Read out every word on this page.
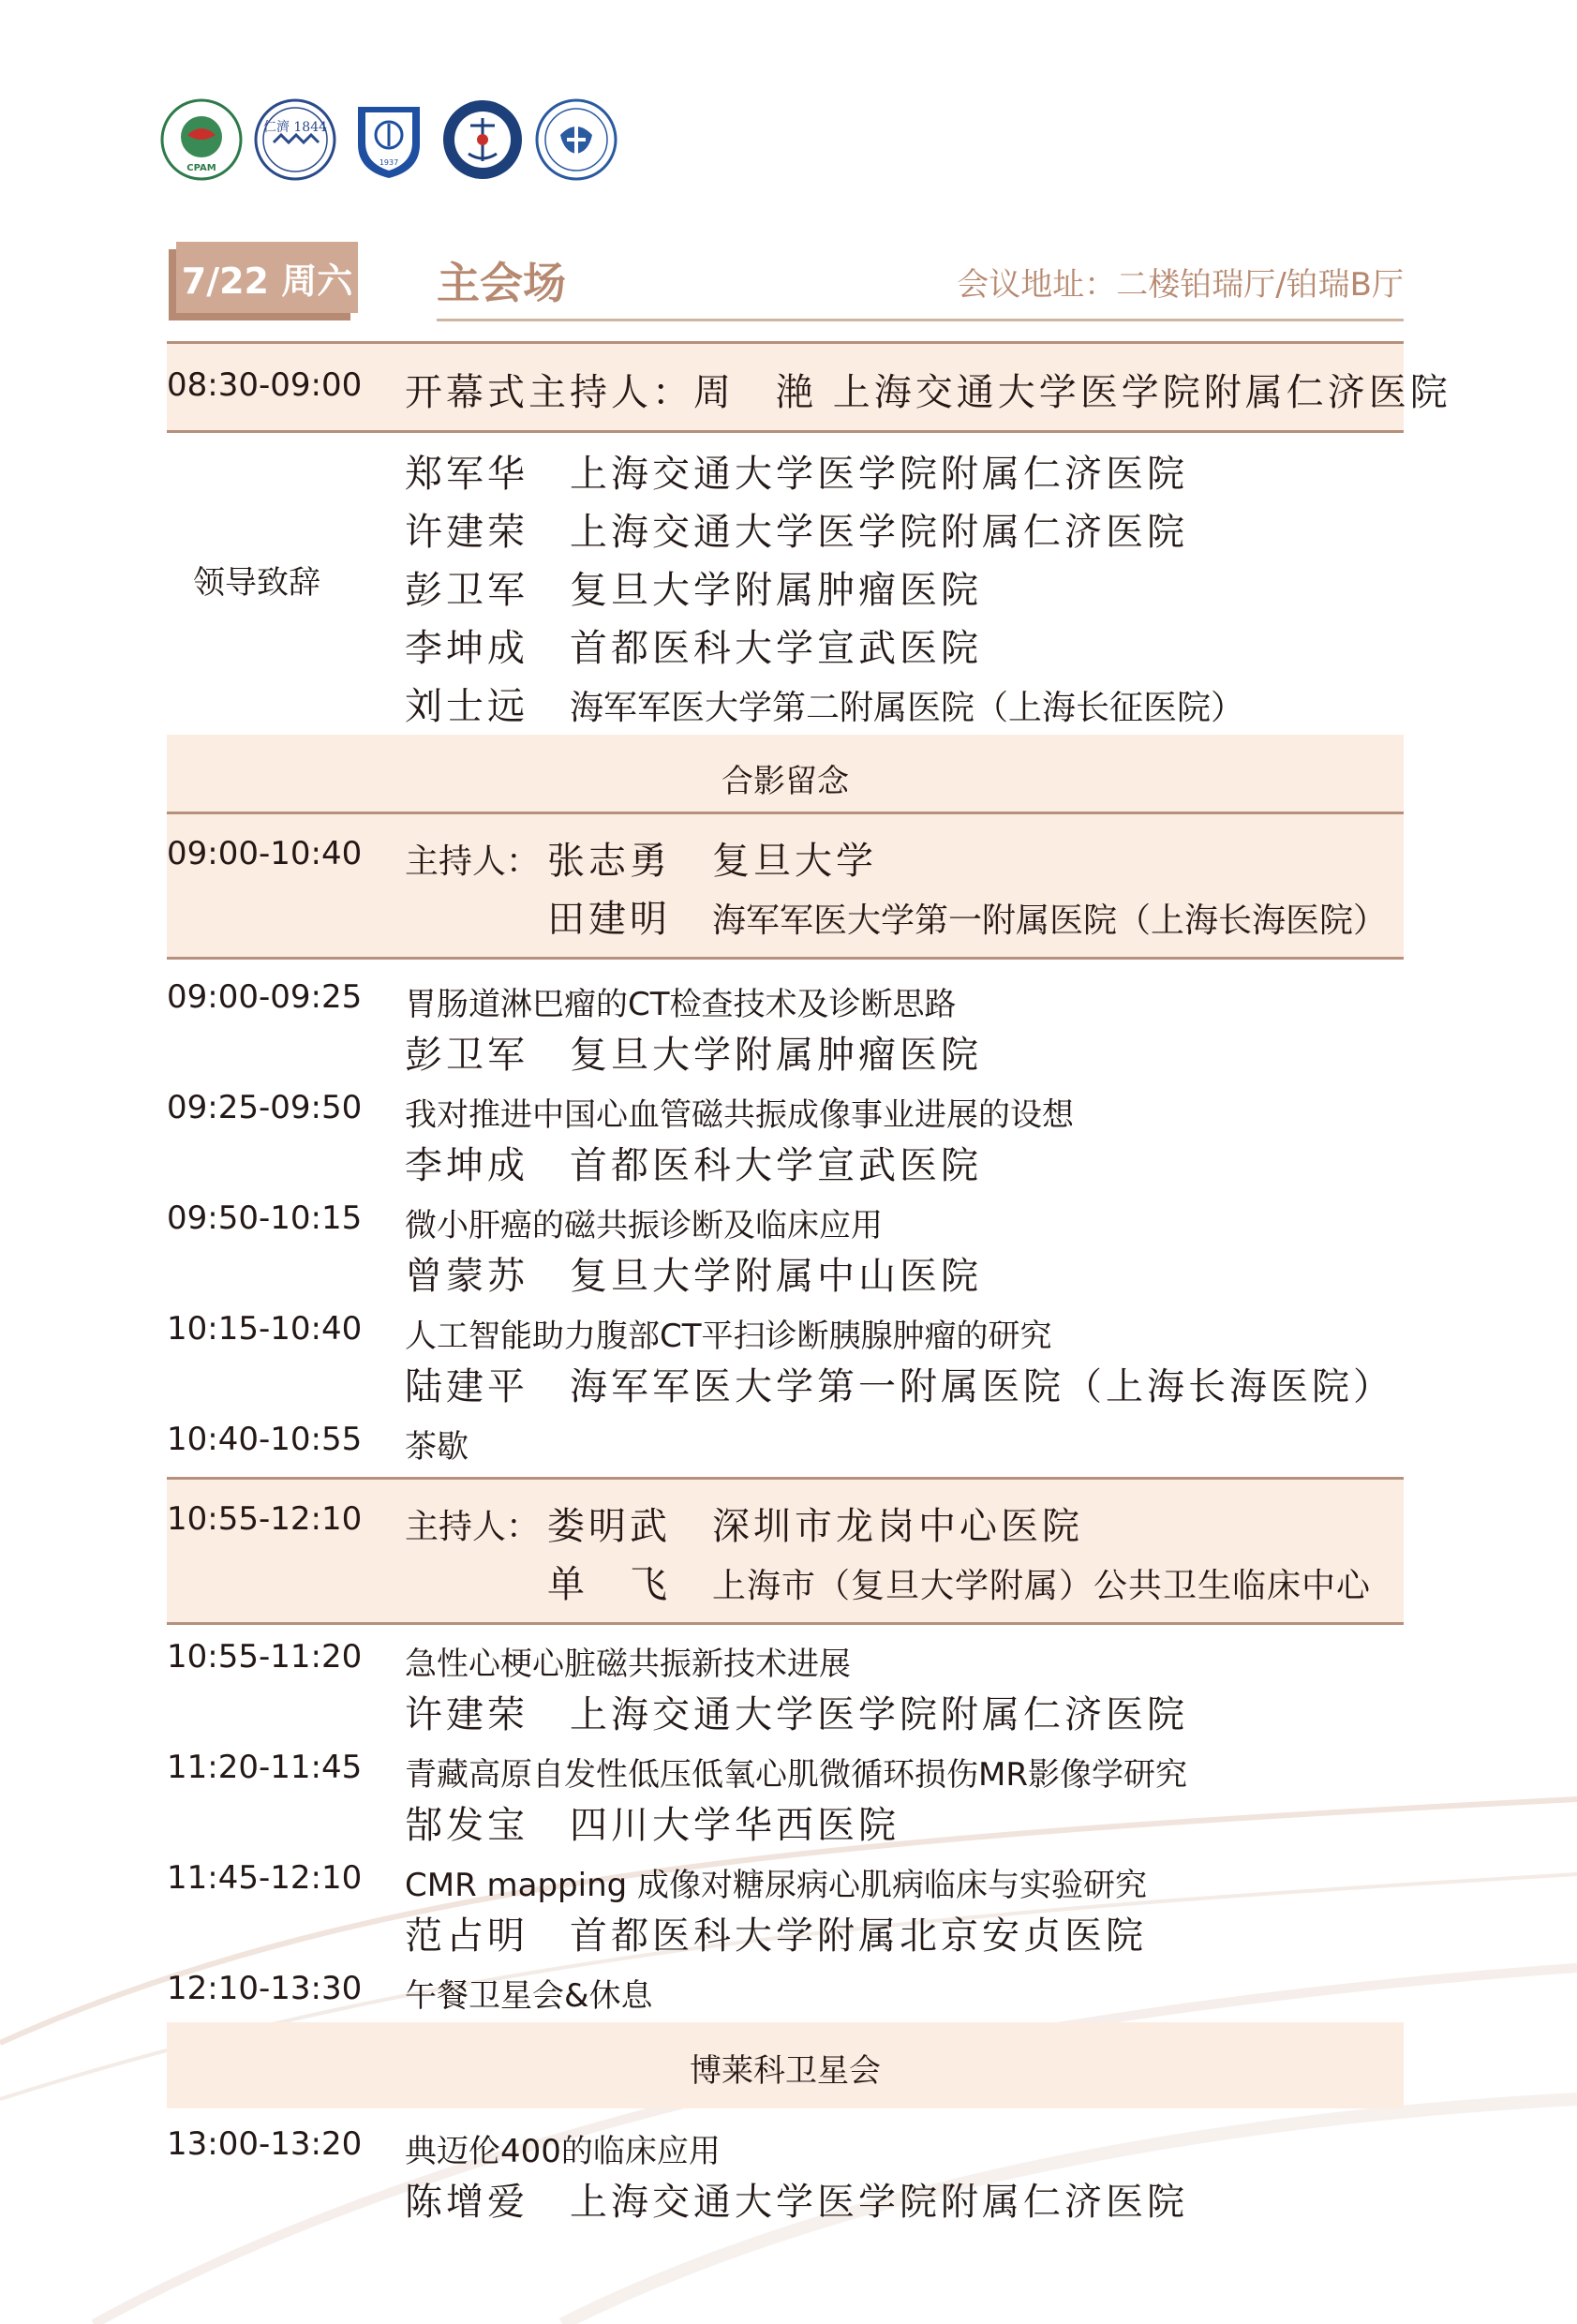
CPAM
仁濟 1844
1937
7/22 周六 主会场	会议地址：二楼铂瑞厅/铂瑞B厅
08:30-09:00 开幕式主持人：周　滟 上海交通大学医学院附属仁济医院
领导致辞
郑军华　 上海交通大学医学院附属仁济医院
许建荣　 上海交通大学医学院附属仁济医院
彭卫军　 复旦大学附属肿瘤医院
李坤成　 首都医科大学宣武医院
刘士远　 海军军医大学第二附属医院（上海长征医院）
合影留念
09:00-10:40 主持人： 张志勇　 复旦大学
田建明　 海军军医大学第一附属医院（上海长海医院）
09:00-09:25 胃肠道淋巴瘤的CT检查技术及诊断思路
彭卫军　 复旦大学附属肿瘤医院
09:25-09:50 我对推进中国心血管磁共振成像事业进展的设想
李坤成　 首都医科大学宣武医院
09:50-10:15 微小肝癌的磁共振诊断及临床应用
曾蒙苏　 复旦大学附属中山医院
10:15-10:40 人工智能助力腹部CT平扫诊断胰腺肿瘤的研究
陆建平　 海军军医大学第一附属医院（上海长海医院）
10:40-10:55 茶歇
10:55-12:10 主持人： 娄明武　 深圳市龙岗中心医院
单　飞　 上海市（复旦大学附属）公共卫生临床中心
10:55-11:20 急性心梗心脏磁共振新技术进展
许建荣　 上海交通大学医学院附属仁济医院
11:20-11:45 青藏高原自发性低压低氧心肌微循环损伤MR影像学研究
郜发宝　 四川大学华西医院
11:45-12:10 CMR mapping 成像对糖尿病心肌病临床与实验研究
范占明　 首都医科大学附属北京安贞医院
12:10-13:30 午餐卫星会&休息
博莱科卫星会
13:00-13:20 典迈伦400的临床应用
陈增爱　 上海交通大学医学院附属仁济医院
